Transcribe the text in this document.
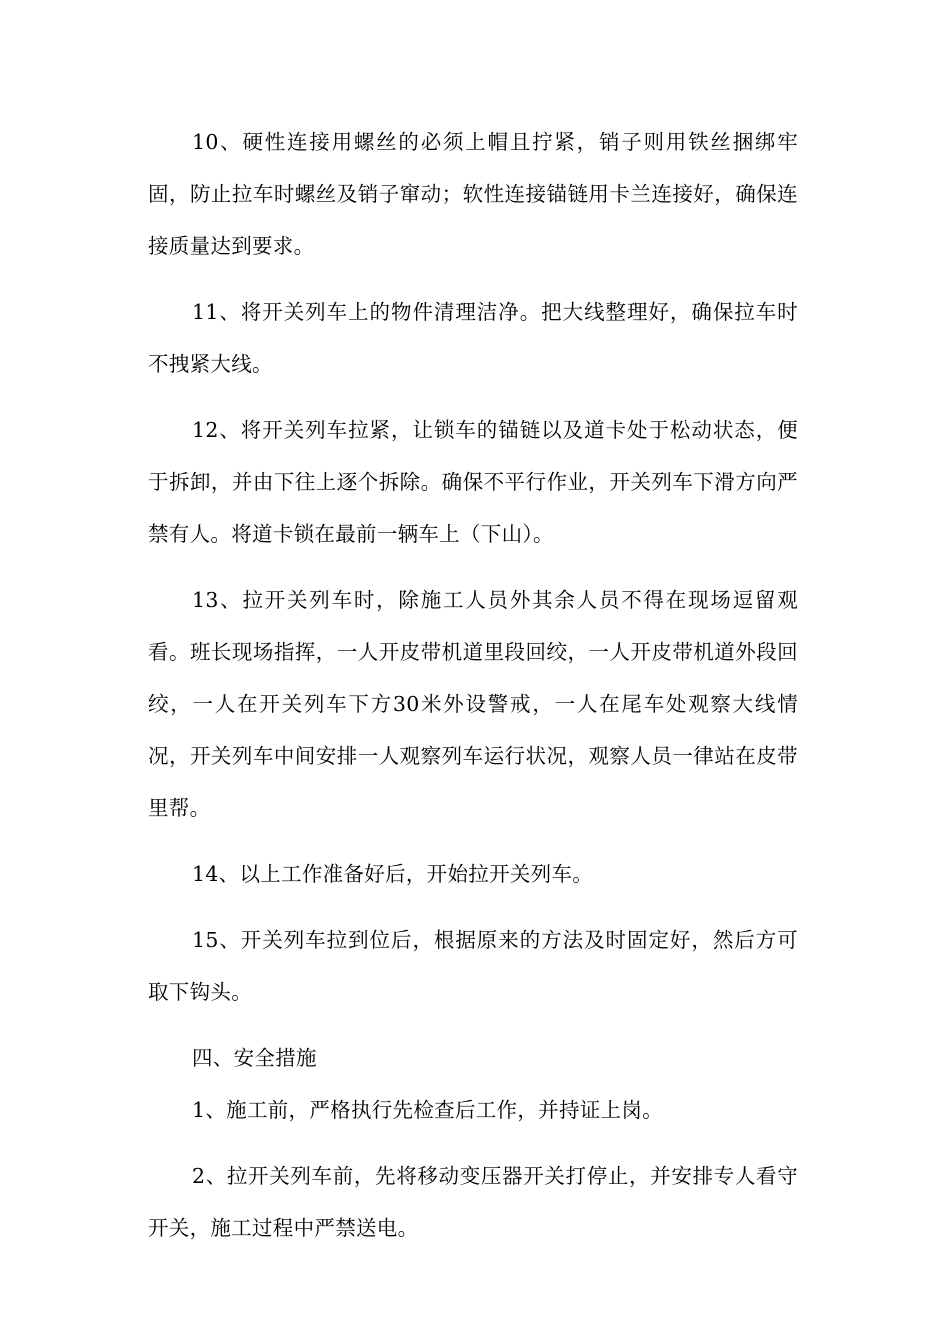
10、硬性连接用螺丝的必须上帽且拧紧，销子则用铁丝捆绑牢固，防止拉车时螺丝及销子窜动；软性连接锚链用卡兰连接好，确保连接质量达到要求。

11、将开关列车上的物件清理洁净。把大线整理好，确保拉车时不拽紧大线。

12、将开关列车拉紧，让锁车的锚链以及道卡处于松动状态，便于拆卸，并由下往上逐个拆除。确保不平行作业，开关列车下滑方向严禁有人。将道卡锁在最前一辆车上（下山）。

13、拉开关列车时，除施工人员外其余人员不得在现场逗留观看。班长现场指挥，一人开皮带机道里段回绞，一人开皮带机道外段回绞，一人在开关列车下方30米外设警戒，一人在尾车处观察大线情况，开关列车中间安排一人观察列车运行状况，观察人员一律站在皮带里帮。

14、以上工作准备好后，开始拉开关列车。

15、开关列车拉到位后，根据原来的方法及时固定好，然后方可取下钩头。

四、安全措施

1、施工前，严格执行先检查后工作，并持证上岗。

2、拉开关列车前，先将移动变压器开关打停止，并安排专人看守开关，施工过程中严禁送电。
